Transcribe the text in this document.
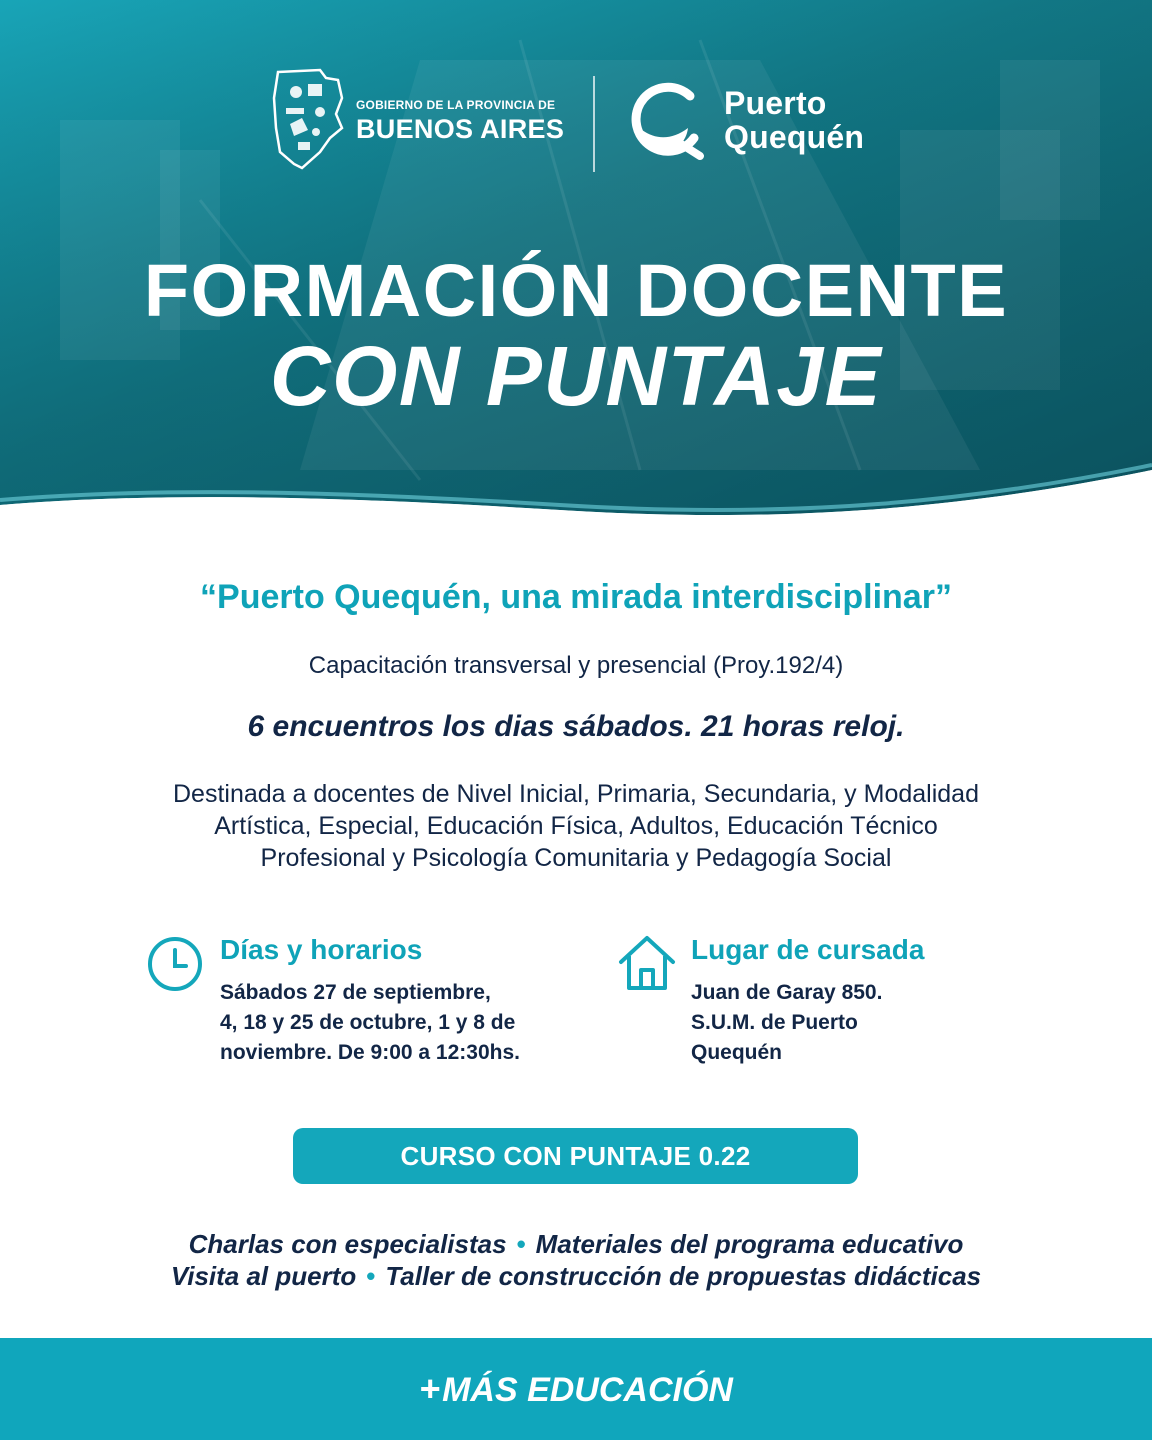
GOBIERNO DE LA PROVINCIA DE
BUENOS AIRES
Puerto
Quequén
FORMACIÓN DOCENTE
CON PUNTAJE
“Puerto Quequén, una mirada interdisciplinar”
Capacitación transversal y presencial (Proy.192/4)
6 encuentros los dias sábados. 21 horas reloj.
Destinada a docentes de Nivel Inicial, Primaria, Secundaria, y Modalidad
Artística, Especial, Educación Física, Adultos, Educación Técnico
Profesional y Psicología Comunitaria y Pedagogía Social
Días y horarios
Sábados 27 de septiembre,
4, 18 y 25 de octubre, 1 y 8 de
noviembre. De 9:00 a 12:30hs.
Lugar de cursada
Juan de Garay 850.
S.U.M. de Puerto
Quequén
CURSO CON PUNTAJE 0.22
Charlas con especialistas • Materiales del programa educativo
Visita al puerto • Taller de construcción de propuestas didácticas
+MÁS EDUCACIÓN
